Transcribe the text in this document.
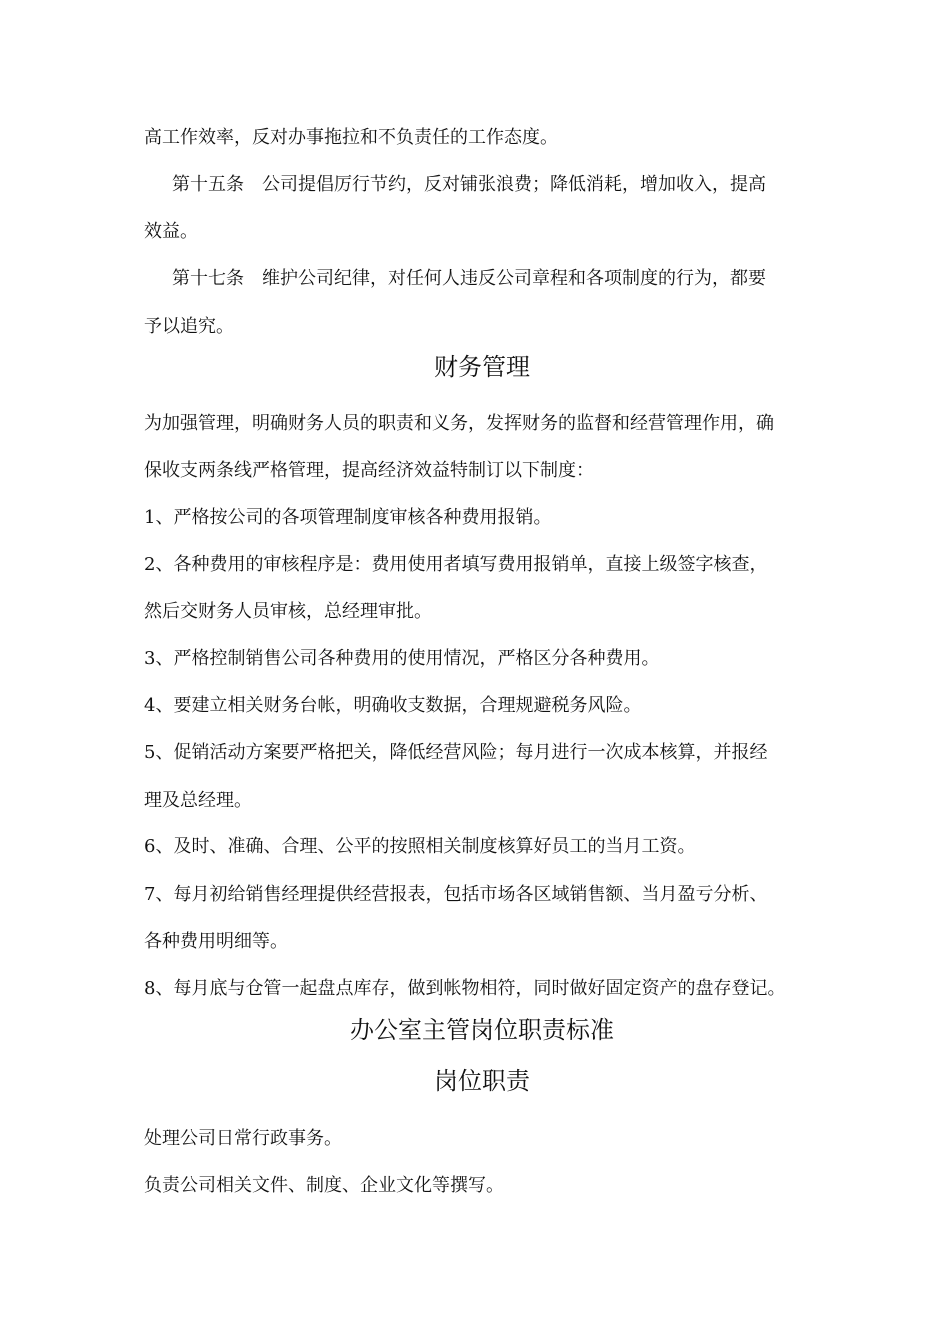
高工作效率，反对办事拖拉和不负责任的工作态度。
第十五条　公司提倡厉行节约，反对铺张浪费；降低消耗，增加收入，提高
效益。
第十七条　维护公司纪律，对任何人违反公司章程和各项制度的行为，都要
予以追究。
财务管理
为加强管理，明确财务人员的职责和义务，发挥财务的监督和经营管理作用，确
保收支两条线严格管理，提高经济效益特制订以下制度：
1、严格按公司的各项管理制度审核各种费用报销。
2、各种费用的审核程序是：费用使用者填写费用报销单，直接上级签字核查，
然后交财务人员审核，总经理审批。
3、严格控制销售公司各种费用的使用情况，严格区分各种费用。
4、要建立相关财务台帐，明确收支数据，合理规避税务风险。
5、促销活动方案要严格把关，降低经营风险；每月进行一次成本核算，并报经
理及总经理。
6、及时、准确、合理、公平的按照相关制度核算好员工的当月工资。
7、每月初给销售经理提供经营报表，包括市场各区域销售额、当月盈亏分析、
各种费用明细等。
8、每月底与仓管一起盘点库存，做到帐物相符，同时做好固定资产的盘存登记。
办公室主管岗位职责标准
岗位职责
处理公司日常行政事务。
负责公司相关文件、制度、企业文化等撰写。
